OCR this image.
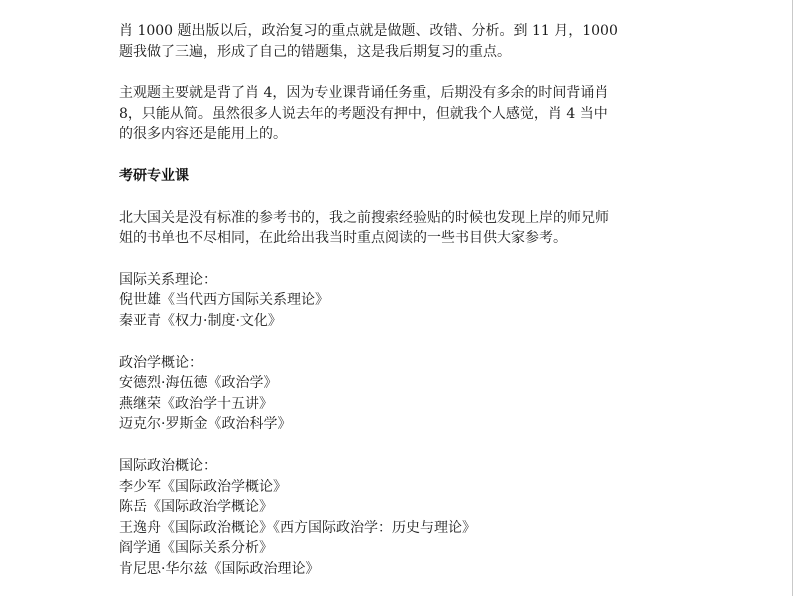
肖 1000 题出版以后，政治复习的重点就是做题、改错、分析。到 11 月，1000
题我做了三遍，形成了自己的错题集，这是我后期复习的重点。

主观题主要就是背了肖 4，因为专业课背诵任务重，后期没有多余的时间背诵肖
8，只能从简。虽然很多人说去年的考题没有押中，但就我个人感觉，肖 4 当中
的很多内容还是能用上的。

考研专业课

北大国关是没有标准的参考书的，我之前搜索经验贴的时候也发现上岸的师兄师
姐的书单也不尽相同，在此给出我当时重点阅读的一些书目供大家参考。

国际关系理论：

倪世雄《当代西方国际关系理论》
秦亚青《权力·制度·文化》

政治学概论：

安德烈·海伍德《政治学》
燕继荣《政治学十五讲》
迈克尔·罗斯金《政治科学》

国际政治概论：

李少军《国际政治学概论》
陈岳《国际政治学概论》
王逸舟《国际政治概论》《西方国际政治学：历史与理论》
阎学通《国际关系分析》
肯尼思·华尔兹《国际政治理论》
